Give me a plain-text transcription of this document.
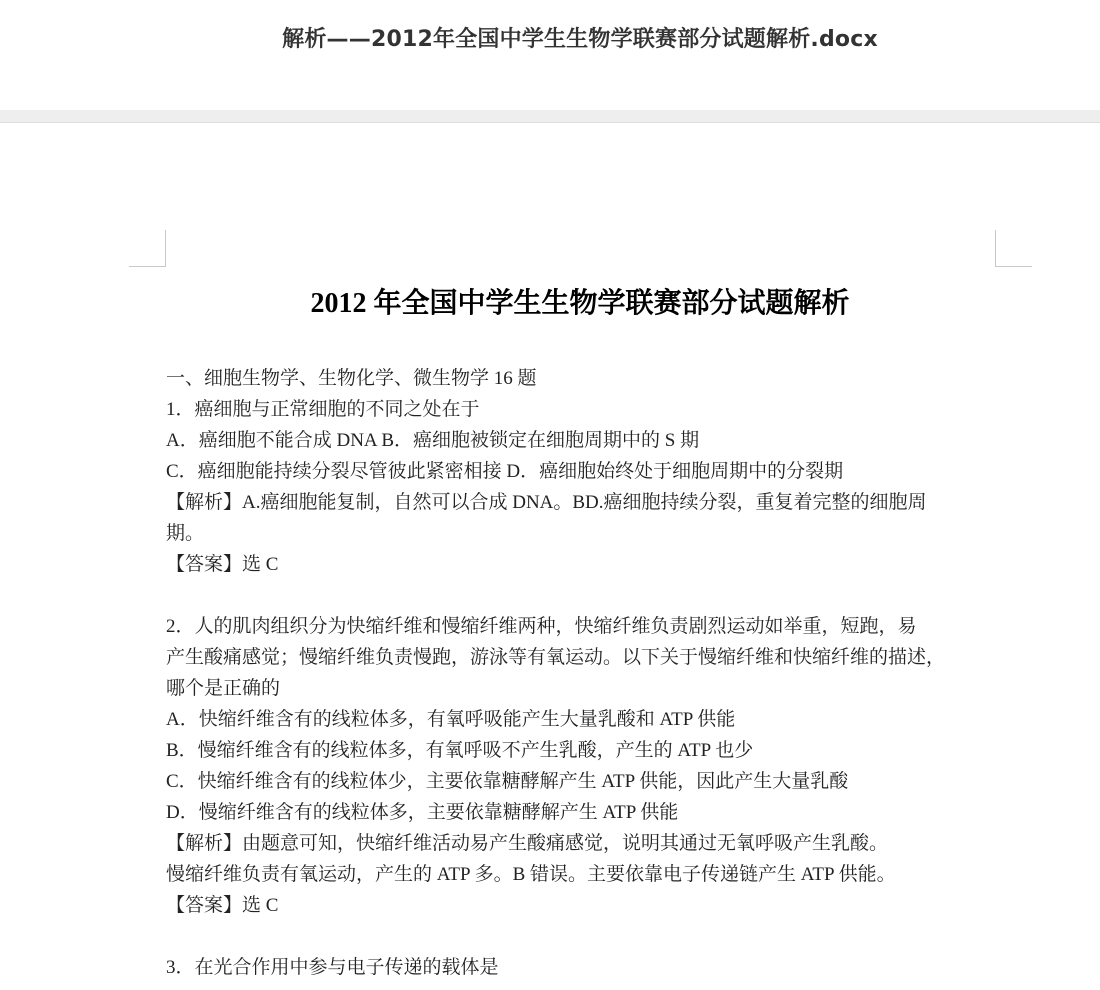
解析——2012年全国中学生生物学联赛部分试题解析.docx
2012 年全国中学生生物学联赛部分试题解析
一、细胞生物学、生物化学、微生物学 16 题
1．癌细胞与正常细胞的不同之处在于
A．癌细胞不能合成 DNA B．癌细胞被锁定在细胞周期中的 S 期
C．癌细胞能持续分裂尽管彼此紧密相接 D．癌细胞始终处于细胞周期中的分裂期
【解析】A.癌细胞能复制，自然可以合成 DNA。BD.癌细胞持续分裂，重复着完整的细胞周
期。
【答案】选 C
2．人的肌肉组织分为快缩纤维和慢缩纤维两种，快缩纤维负责剧烈运动如举重，短跑，易
产生酸痛感觉；慢缩纤维负责慢跑，游泳等有氧运动。以下关于慢缩纤维和快缩纤维的描述，
哪个是正确的
A．快缩纤维含有的线粒体多，有氧呼吸能产生大量乳酸和 ATP 供能
B．慢缩纤维含有的线粒体多，有氧呼吸不产生乳酸，产生的 ATP 也少
C．快缩纤维含有的线粒体少，主要依靠糖酵解产生 ATP 供能，因此产生大量乳酸
D．慢缩纤维含有的线粒体多，主要依靠糖酵解产生 ATP 供能
【解析】由题意可知，快缩纤维活动易产生酸痛感觉，说明其通过无氧呼吸产生乳酸。
慢缩纤维负责有氧运动，产生的 ATP 多。B 错误。主要依靠电子传递链产生 ATP 供能。
【答案】选 C
3．在光合作用中参与电子传递的载体是
